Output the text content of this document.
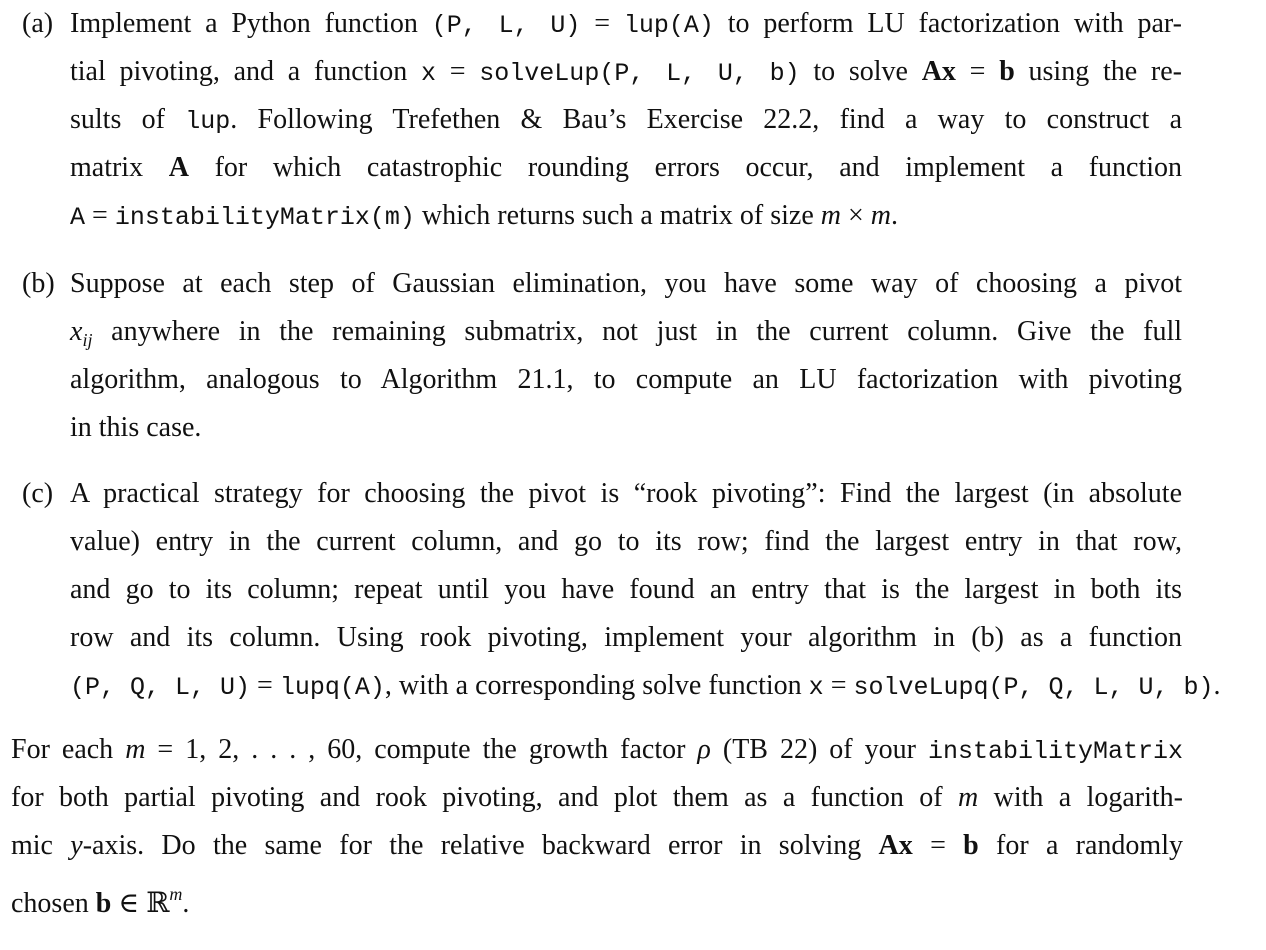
(a) Implement a Python function (P, L, U) = lup(A) to perform LU factorization with par-
tial pivoting, and a function x = solveLup(P, L, U, b) to solve Ax = b using the re-
sults of lup. Following Trefethen & Bau’s Exercise 22.2, find a way to construct a
matrix A for which catastrophic rounding errors occur, and implement a function
A = instabilityMatrix(m) which returns such a matrix of size m × m.
(b) Suppose at each step of Gaussian elimination, you have some way of choosing a pivot
$x_{ij}$ anywhere in the remaining submatrix, not just in the current column. Give the full
algorithm, analogous to Algorithm 21.1, to compute an LU factorization with pivoting
in this case.
(c) A practical strategy for choosing the pivot is “rook pivoting”: Find the largest (in absolute
value) entry in the current column, and go to its row; find the largest entry in that row,
and go to its column; repeat until you have found an entry that is the largest in both its
row and its column. Using rook pivoting, implement your algorithm in (b) as a function
(P, Q, L, U) = lupq(A), with a corresponding solve function x = solveLupq(P, Q, L, U, b).
For each m = 1, 2, . . . , 60, compute the growth factor ρ (TB 22) of your instabilityMatrix
for both partial pivoting and rook pivoting, and plot them as a function of m with a logarith-
mic y-axis. Do the same for the relative backward error in solving Ax = b for a randomly
chosen b ∈ ℝ$^m$.
